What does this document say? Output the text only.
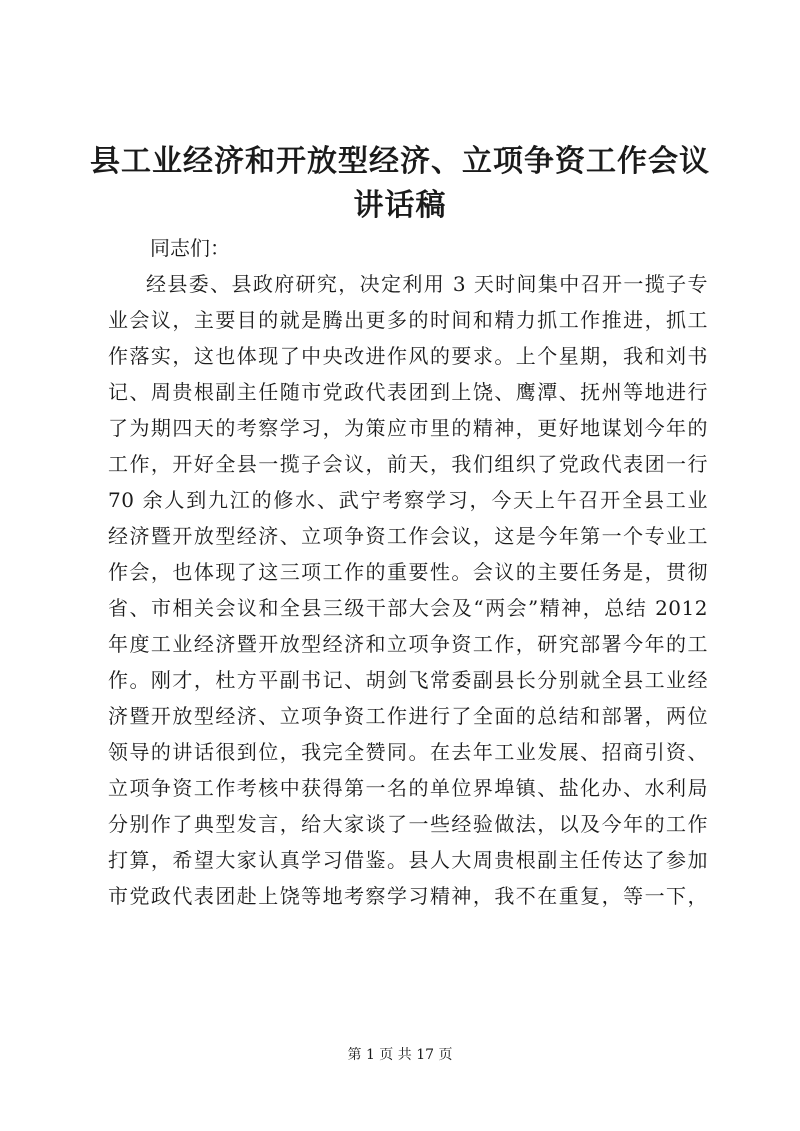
县工业经济和开放型经济、立项争资工作会议
讲话稿
同志们：
经县委、县政府研究，决定利用 3 天时间集中召开一揽子专
业会议，主要目的就是腾出更多的时间和精力抓工作推进，抓工
作落实，这也体现了中央改进作风的要求。上个星期，我和刘书
记、周贵根副主任随市党政代表团到上饶、鹰潭、抚州等地进行
了为期四天的考察学习，为策应市里的精神，更好地谋划今年的
工作，开好全县一揽子会议，前天，我们组织了党政代表团一行
70 余人到九江的修水、武宁考察学习，今天上午召开全县工业
经济暨开放型经济、立项争资工作会议，这是今年第一个专业工
作会，也体现了这三项工作的重要性。会议的主要任务是，贯彻
省、市相关会议和全县三级干部大会及“两会”精神，总结 2012
年度工业经济暨开放型经济和立项争资工作，研究部署今年的工
作。刚才，杜方平副书记、胡剑飞常委副县长分别就全县工业经
济暨开放型经济、立项争资工作进行了全面的总结和部署，两位
领导的讲话很到位，我完全赞同。在去年工业发展、招商引资、
立项争资工作考核中获得第一名的单位界埠镇、盐化办、水利局
分别作了典型发言，给大家谈了一些经验做法，以及今年的工作
打算，希望大家认真学习借鉴。县人大周贵根副主任传达了参加
市党政代表团赴上饶等地考察学习精神，我不在重复，等一下，
第 1 页 共 17 页
